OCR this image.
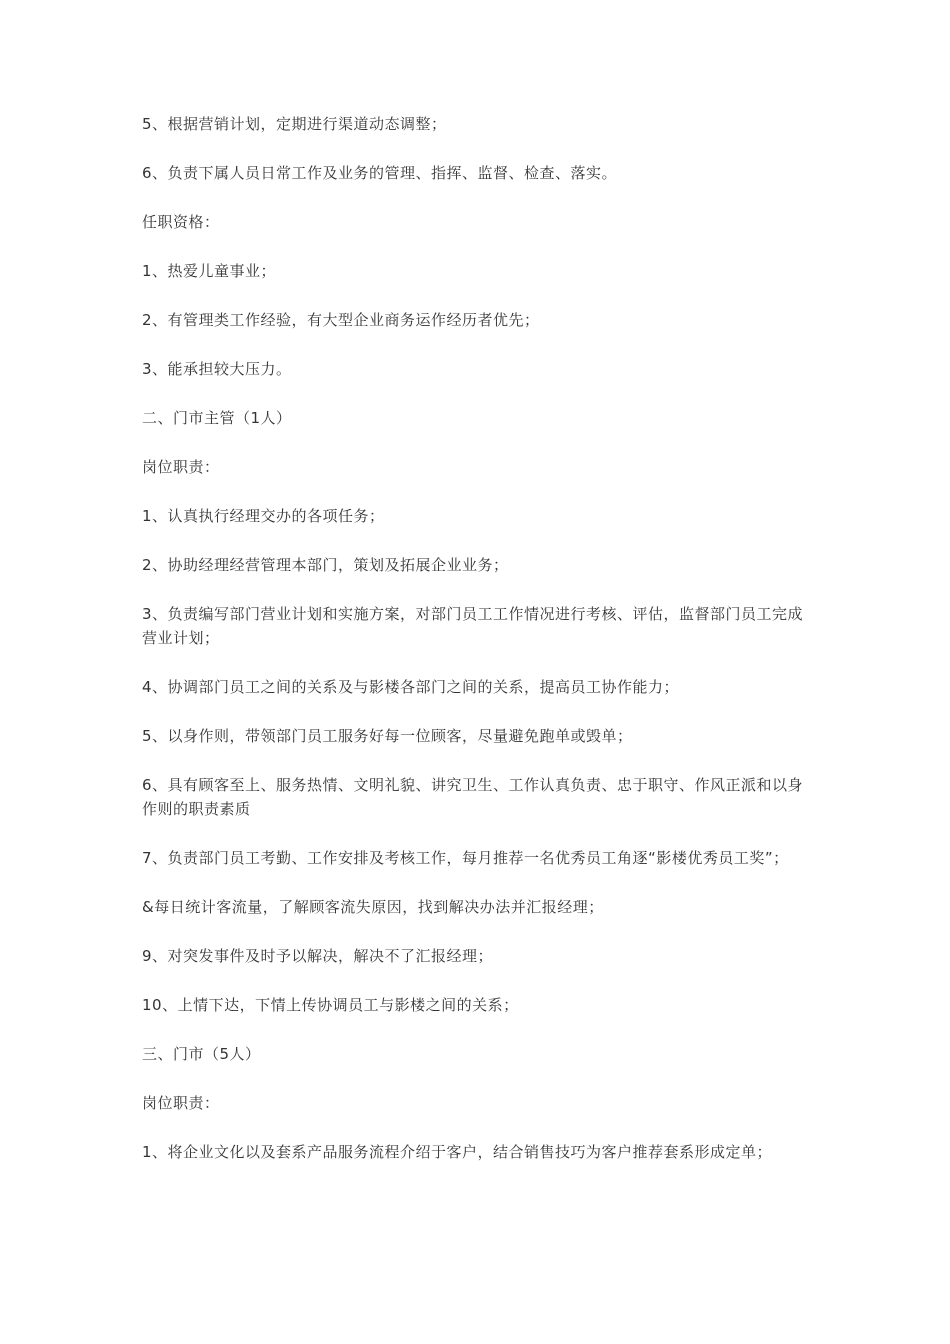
5、根据营销计划，定期进行渠道动态调整；

6、负责下属人员日常工作及业务的管理、指挥、监督、检查、落实。

任职资格：

1、热爱儿童事业；

2、有管理类工作经验，有大型企业商务运作经历者优先；

3、能承担较大压力。

二、门市主管（1人）

岗位职责：

1、认真执行经理交办的各项任务；

2、协助经理经营管理本部门，策划及拓展企业业务；

3、负责编写部门营业计划和实施方案，对部门员工工作情况进行考核、评估，监督部门员工完成营业计划；

4、协调部门员工之间的关系及与影楼各部门之间的关系，提高员工协作能力；

5、以身作则，带领部门员工服务好每一位顾客，尽量避免跑单或毁单；

6、具有顾客至上、服务热情、文明礼貌、讲究卫生、工作认真负责、忠于职守、作风正派和以身作则的职责素质

7、负责部门员工考勤、工作安排及考核工作，每月推荐一名优秀员工角逐“影楼优秀员工奖”；

&每日统计客流量，了解顾客流失原因，找到解决办法并汇报经理；

9、对突发事件及时予以解决，解决不了汇报经理；

10、上情下达，下情上传协调员工与影楼之间的关系；

三、门市（5人）

岗位职责：

1、将企业文化以及套系产品服务流程介绍于客户，结合销售技巧为客户推荐套系形成定单；
